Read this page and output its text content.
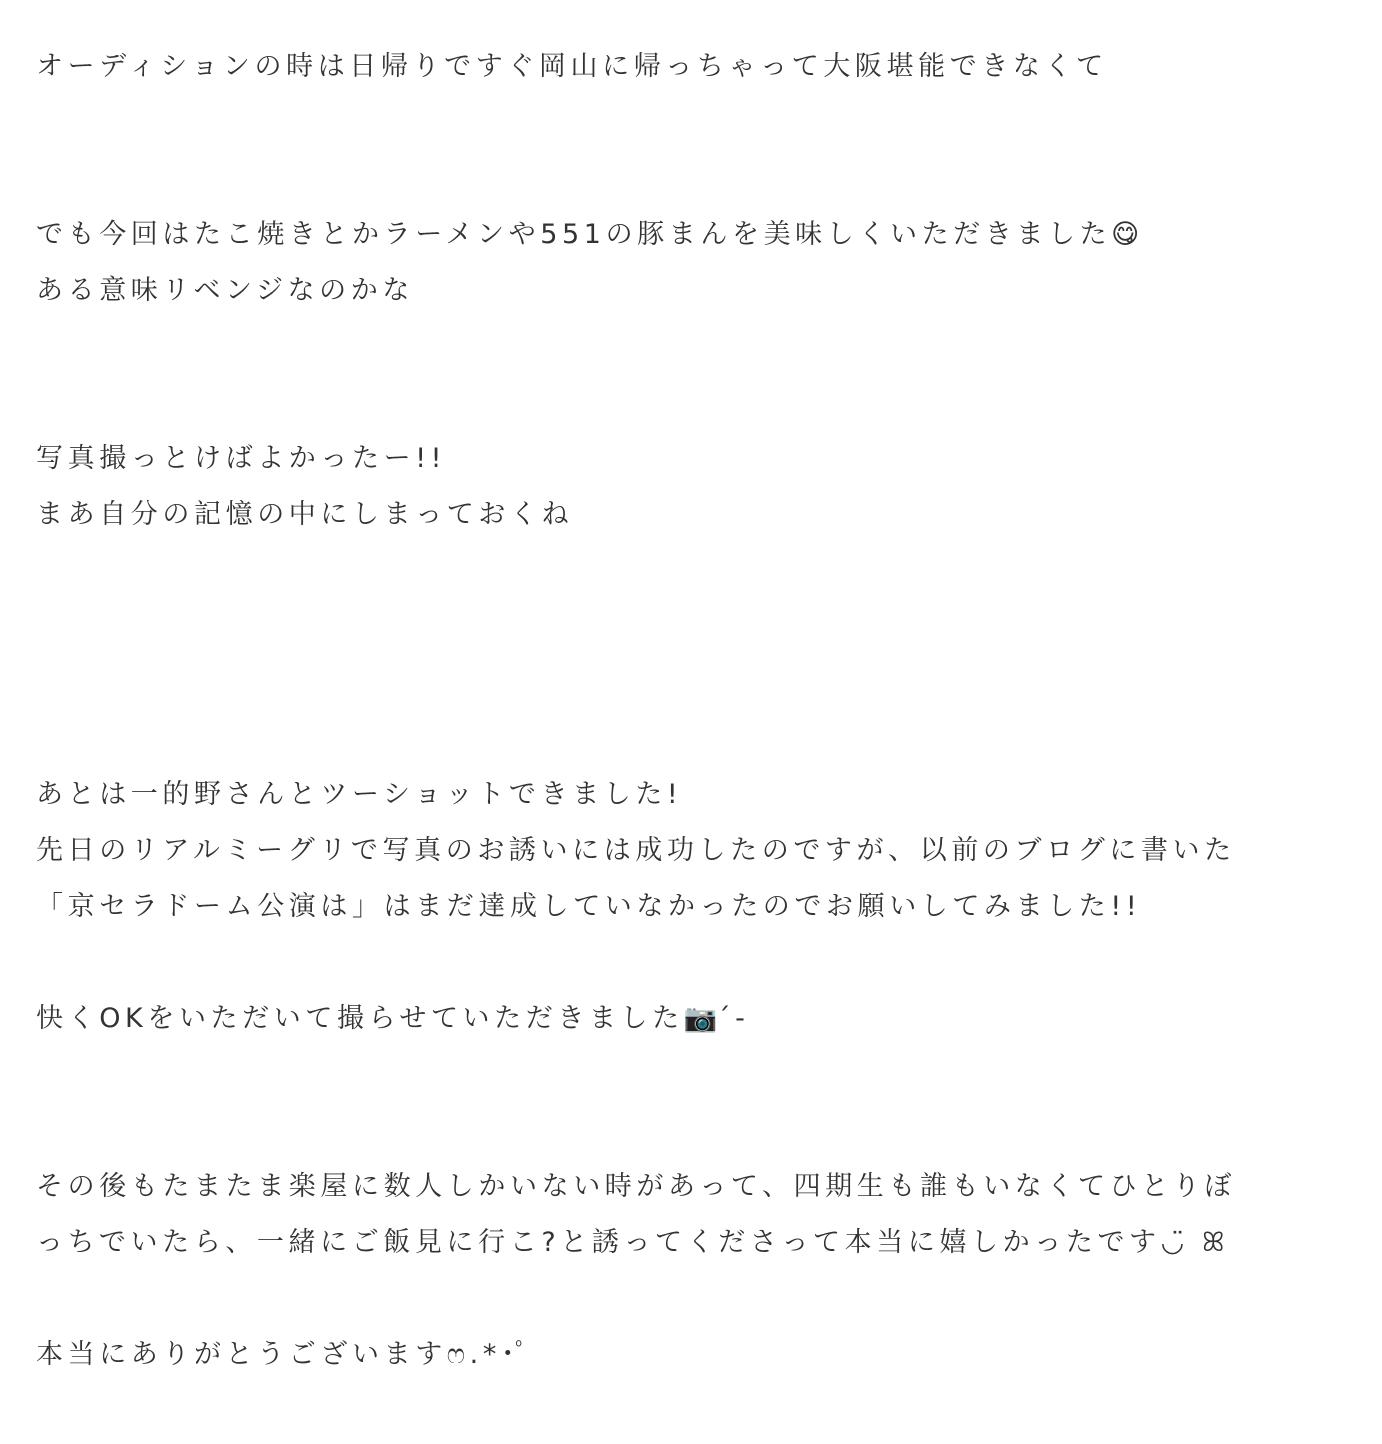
オーディションの時は日帰りですぐ岡山に帰っちゃって大阪堪能できなくて
でも今回はたこ焼きとかラーメンや551の豚まんを美味しくいただきました😋
ある意味リベンジなのかな
写真撮っとけばよかったー!!
まあ自分の記憶の中にしまっておくね
あとは一的野さんとツーショットできました!
先日のリアルミーグリで写真のお誘いには成功したのですが、以前のブログに書いた
「京セラドーム公演は」はまだ達成していなかったのでお願いしてみました!!
快くOKをいただいて撮らせていただきました📷 ́-
その後もたまたま楽屋に数人しかいない時があって、四期生も誰もいなくてひとりぼ
っちでいたら、一緒にご飯見に行こ?と誘ってくださって本当に嬉しかったです◡̈ ꕤ
本当にありがとうございますෆ.*･ﾟ
